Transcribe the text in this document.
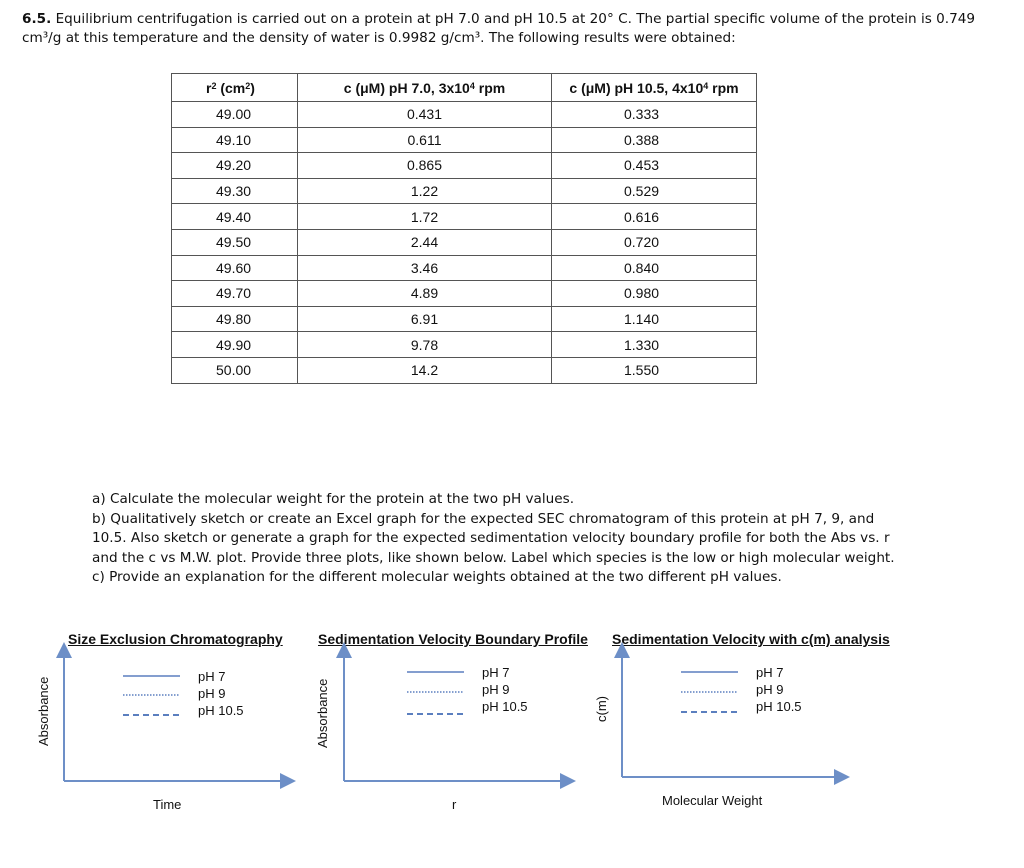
6.5. Equilibrium centrifugation is carried out on a protein at pH 7.0 and pH 10.5 at 20° C. The partial specific volume of the protein is 0.749 cm³/g at this temperature and the density of water is 0.9982 g/cm³. The following results were obtained:
$r^2$ $(cm^2)$	c (μM) pH 7.0, $3x10^4$ rpm	c (μM) pH 10.5, $4x10^4$ rpm
49.00	0.431	0.333
49.10	0.611	0.388
49.20	0.865	0.453
49.30	1.22	0.529
49.40	1.72	0.616
49.50	2.44	0.720
49.60	3.46	0.840
49.70	4.89	0.980
49.80	6.91	1.140
49.90	9.78	1.330
50.00	14.2	1.550

a) Calculate the molecular weight for the protein at the two pH values.

b) Qualitatively sketch or create an Excel graph for the expected SEC chromatogram of this protein at pH 7, 9, and 10.5. Also sketch or generate a graph for the expected sedimentation velocity boundary profile for both the Abs vs. r and the c vs M.W. plot. Provide three plots, like shown below. Label which species is the low or high molecular weight.

c) Provide an explanation for the different molecular weights obtained at the two different pH values.

Size Exclusion Chromatography	Sedimentation Velocity Boundary Profile Sedimentation Velocity with c(m) analysis
pH 7
pH 9
pH 10.5
pH 7
pH 9
pH 10.5
pH 7
pH 9
pH 10.5
Absorbance	Absorbance	c(m)
Time	r	Molecular Weight
